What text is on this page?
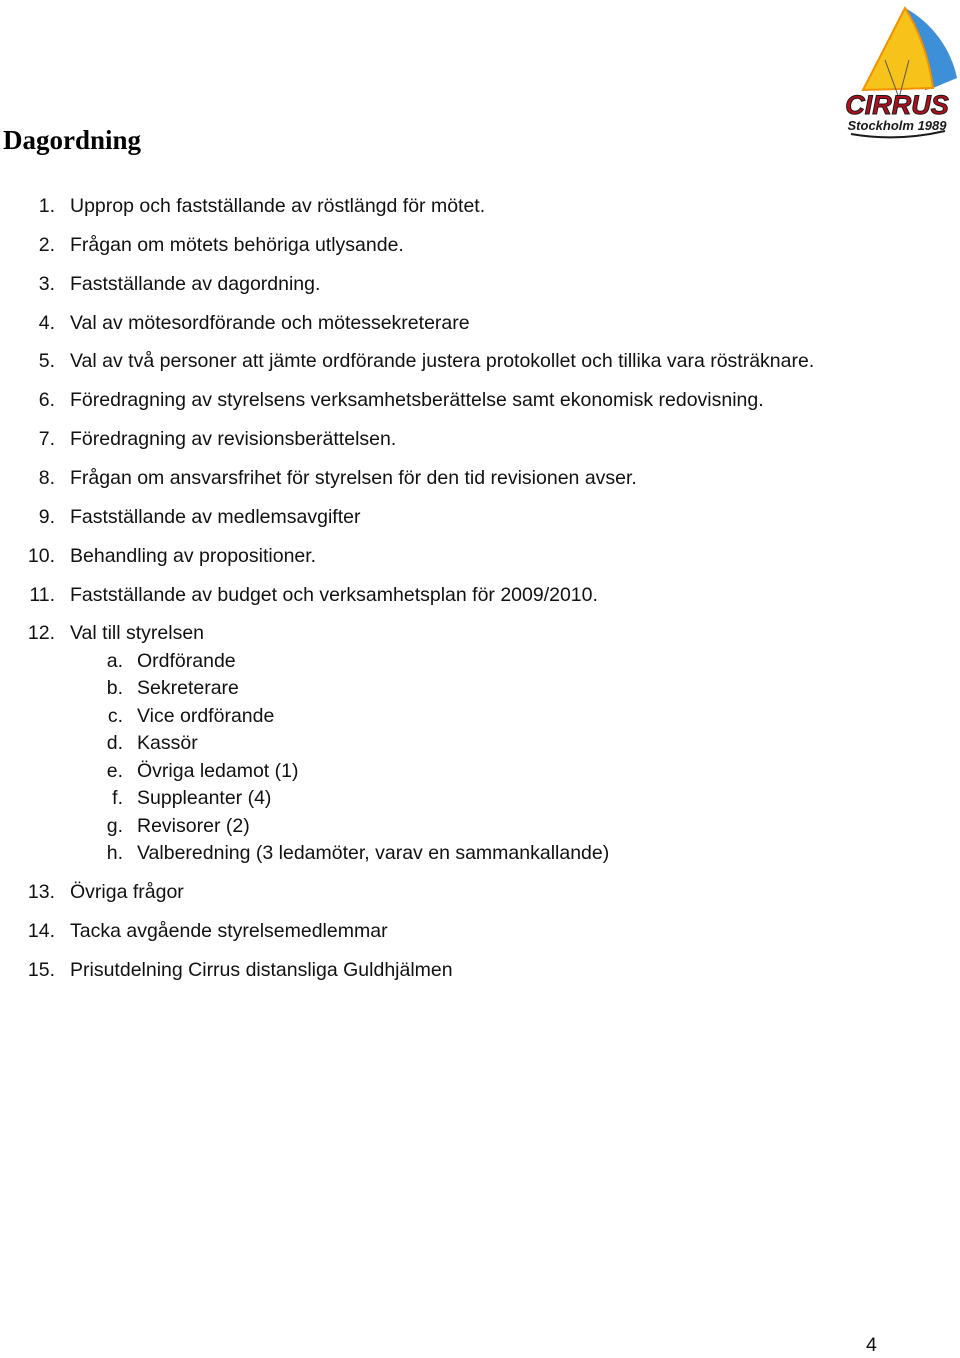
CIRRUS
Stockholm 1989
Dagordning
1. Upprop och fastställande av röstlängd för mötet.
2. Frågan om mötets behöriga utlysande.
3. Fastställande av dagordning.
4. Val av mötesordförande och mötessekreterare
5. Val av två personer att jämte ordförande justera protokollet och tillika vara rösträknare.
6. Föredragning av styrelsens verksamhetsberättelse samt ekonomisk redovisning.
7. Föredragning av revisionsberättelsen.
8. Frågan om ansvarsfrihet för styrelsen för den tid revisionen avser.
9. Fastställande av medlemsavgifter
10. Behandling av propositioner.
11. Fastställande av budget och verksamhetsplan för 2009/2010.
12. Val till styrelsen
a. Ordförande
b. Sekreterare
c. Vice ordförande
d. Kassör
e. Övriga ledamot (1)
f. Suppleanter (4)
g. Revisorer (2)
h. Valberedning (3 ledamöter, varav en sammankallande)
13. Övriga frågor
14. Tacka avgående styrelsemedlemmar
15. Prisutdelning Cirrus distansliga Guldhjälmen
4
